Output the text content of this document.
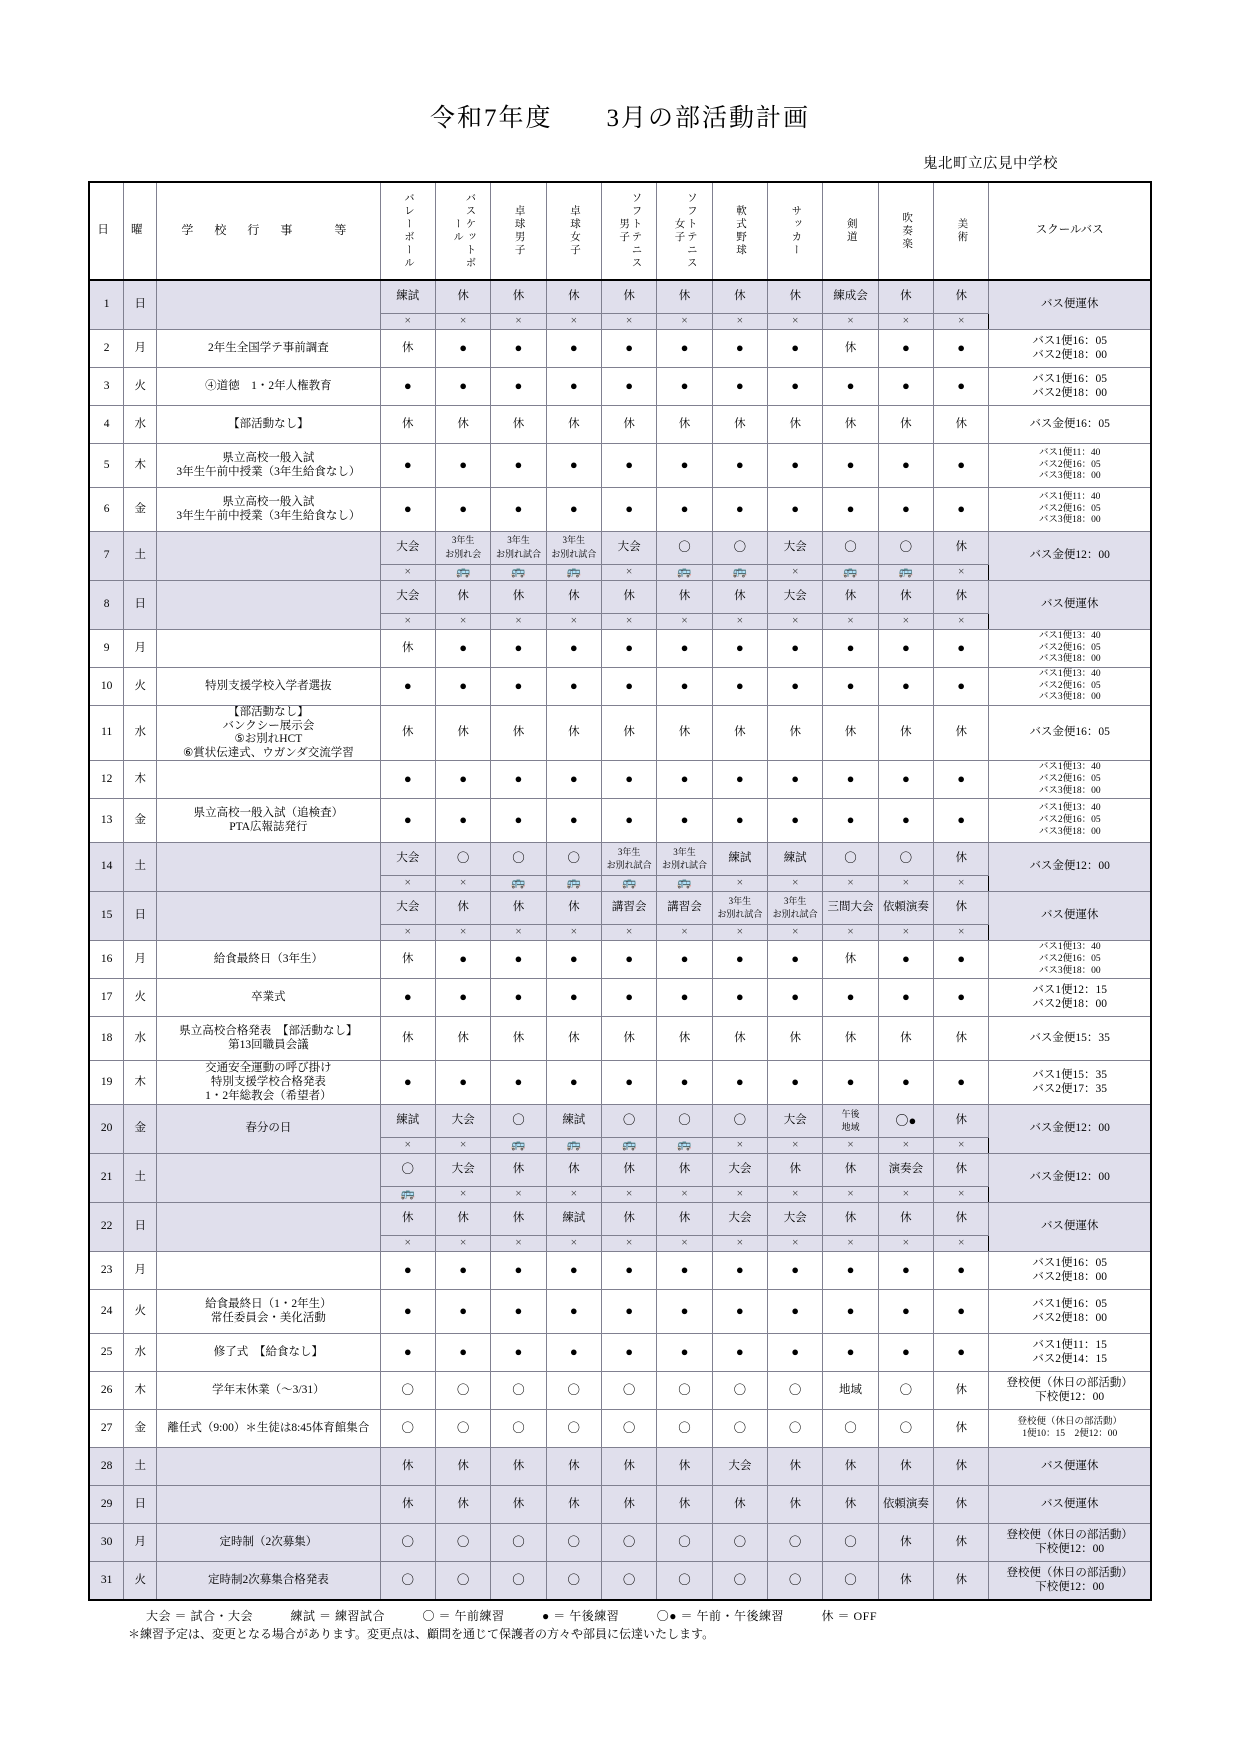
令和7年度　　3月の部活動計画
鬼北町立広見中学校
日	曜	学 校 行 事　 等	バレーボール	バスケットボール	卓球男子	卓球女子	ソフトテニス男子	ソフトテニス女子	軟式野球	サッカー	剣道	吹奏楽	美術	スクールバス
1	日		練試	休	休	休	休	休	休	休	練成会	休	休	バス便運休
			×	×	×	×	×	×	×	×	×	×	×	
2	月	2年生全国学テ事前調査	休	●	●	●	●	●	●	●	休	●	●	バス1便16：05
バス2便18：00
3	火	④道徳　1・2年人権教育	●	●	●	●	●	●	●	●	●	●	●	バス1便16：05
バス2便18：00
4	水	【部活動なし】	休	休	休	休	休	休	休	休	休	休	休	バス金便16：05
5	木	県立高校一般入試
3年生午前中授業（3年生給食なし）	●	●	●	●	●	●	●	●	●	●	●	バス1便11：40
バス2便16：05
バス3便18：00
6	金	県立高校一般入試
3年生午前中授業（3年生給食なし）	●	●	●	●	●	●	●	●	●	●	●	バス1便11：40
バス2便16：05
バス3便18：00
7	土		大会	3年生
お別れ会	3年生
お別れ試合	3年生
お別れ試合	大会	〇	〇	大会	〇	〇	休	バス金便12：00
			×	🚌	🚌	🚌	×	🚌	🚌	×	🚌	🚌	×	
8	日		大会	休	休	休	休	休	休	大会	休	休	休	バス便運休
			×	×	×	×	×	×	×	×	×	×	×	
9	月		休	●	●	●	●	●	●	●	●	●	●	バス1便13：40
バス2便16：05
バス3便18：00
10	火	特別支援学校入学者選抜	●	●	●	●	●	●	●	●	●	●	●	バス1便13：40
バス2便16：05
バス3便18：00
11	水	【部活動なし】
バンクシー展示会
⑤お別れHCT
⑥賞状伝達式、ウガンダ交流学習	休	休	休	休	休	休	休	休	休	休	休	バス金便16：05
12	木		●	●	●	●	●	●	●	●	●	●	●	バス1便13：40
バス2便16：05
バス3便18：00
13	金	県立高校一般入試（追検査）
PTA広報誌発行	●	●	●	●	●	●	●	●	●	●	●	バス1便13：40
バス2便16：05
バス3便18：00
14	土		大会	〇	〇	〇	3年生
お別れ試合	3年生
お別れ試合	練試	練試	〇	〇	休	バス金便12：00
			×	×	🚌	🚌	🚌	🚌	×	×	×	×	×	
15	日		大会	休	休	休	講習会	講習会	3年生
お別れ試合	3年生
お別れ試合	三間大会	依頼演奏	休	バス便運休
			×	×	×	×	×	×	×	×	×	×	×	
16	月	給食最終日（3年生）	休	●	●	●	●	●	●	●	休	●	●	バス1便13：40
バス2便16：05
バス3便18：00
17	火	卒業式	●	●	●	●	●	●	●	●	●	●	●	バス1便12：15
バス2便18：00
18	水	県立高校合格発表　【部活動なし】
第13回職員会議	休	休	休	休	休	休	休	休	休	休	休	バス金便15：35
19	木	交通安全運動の呼び掛け
特別支援学校合格発表
1・2年総教会（希望者）	●	●	●	●	●	●	●	●	●	●	●	バス1便15：35
バス2便17：35
20	金	春分の日	練試	大会	〇	練試	〇	〇	〇	大会	午後
地域	〇●	休	バス金便12：00
			×	×	🚌	🚌	🚌	🚌	×	×	×	×	×	
21	土		〇	大会	休	休	休	休	大会	休	休	演奏会	休	バス金便12：00
			🚌	×	×	×	×	×	×	×	×	×	×	
22	日		休	休	休	練試	休	休	大会	大会	休	休	休	バス便運休
			×	×	×	×	×	×	×	×	×	×	×	
23	月		●	●	●	●	●	●	●	●	●	●	●	バス1便16：05
バス2便18：00
24	火	給食最終日（1・2年生）
常任委員会・美化活動	●	●	●	●	●	●	●	●	●	●	●	バス1便16：05
バス2便18：00
25	水	修了式　【給食なし】	●	●	●	●	●	●	●	●	●	●	●	バス1便11：15
バス2便14：15
26	木	学年末休業（〜3/31）	〇	〇	〇	〇	〇	〇	〇	〇	地域	〇	休	登校便（休日の部活動）
下校便12：00
27	金	離任式（9:00）＊生徒は8:45体育館集合	〇	〇	〇	〇	〇	〇	〇	〇	〇	〇	休	登校便（休日の部活動）
1便10：15　2便12：00
28	土		休	休	休	休	休	休	大会	休	休	休	休	バス便運休
29	日		休	休	休	休	休	休	休	休	休	依頼演奏	休	バス便運休
30	月	定時制（2次募集）	〇	〇	〇	〇	〇	〇	〇	〇	〇	休	休	登校便（休日の部活動）
下校便12：00
31	火	定時制2次募集合格発表	〇	〇	〇	〇	〇	〇	〇	〇	〇	休	休	登校便（休日の部活動）
下校便12：00
大会 ＝ 試合・大会　　　練試 ＝ 練習試合　　　〇 ＝ 午前練習　　　● ＝ 午後練習　　　〇● ＝ 午前・午後練習　　　休 ＝ OFF
＊練習予定は、変更となる場合があります。変更点は、顧問を通じて保護者の方々や部員に伝達いたします。
